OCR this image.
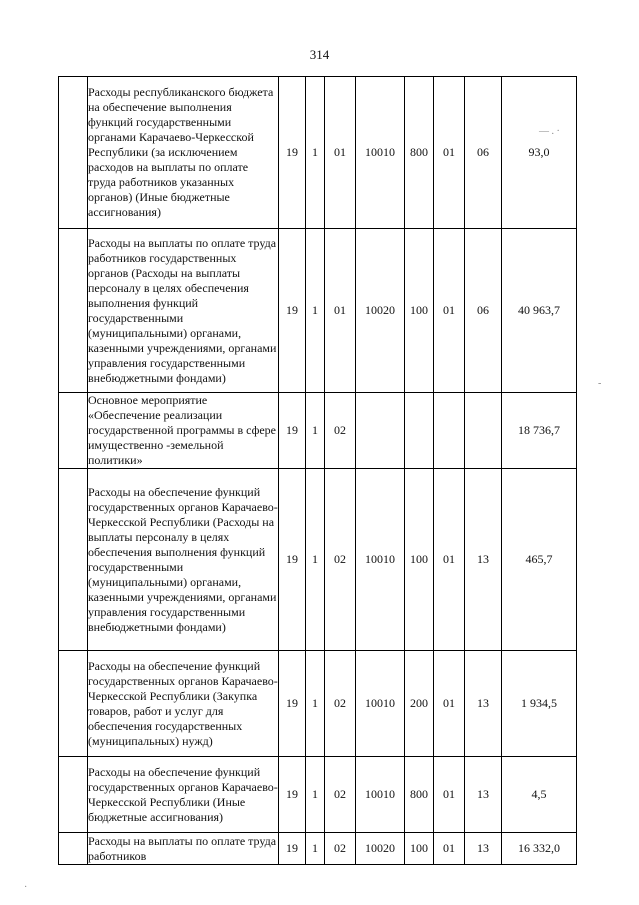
314
	Расходы республиканского бюджета на обеспечение выполнения функций государственными органами Карачаево-Черкесской Республики (за исключением расходов на выплаты по оплате труда работников указанных органов) (Иные бюджетные ассигнования)	19	1	01	10010	800	01	06	93,0
	Расходы на выплаты по оплате труда работников государственных органов (Расходы на выплаты персоналу в целях обеспечения выполнения функций государственными (муниципальными) органами, казенными учреждениями, органами управления государственными внебюджетными фондами)	19	1	01	10020	100	01	06	40 963,7
	Основное мероприятие «Обеспечение реализации государственной программы в сфере имущественно -земельной политики»	19	1	02					18 736,7
	Расходы на обеспечение функций государственных органов Карачаево-Черкесской Республики (Расходы на выплаты персоналу в целях обеспечения выполнения функций государственными (муниципальными) органами, казенными учреждениями, органами управления государственными внебюджетными фондами)	19	1	02	10010	100	01	13	465,7
	Расходы на обеспечение функций государственных органов Карачаево-Черкесской Республики (Закупка товаров, работ и услуг для обеспечения государственных (муниципальных) нужд)	19	1	02	10010	200	01	13	1 934,5
	Расходы на обеспечение функций государственных органов Карачаево-Черкесской Республики (Иные бюджетные ассигнования)	19	1	02	10010	800	01	13	4,5
	Расходы на выплаты по оплате труда работников	19	1	02	10020	100	01	13	16 332,0
— . ·
-
·
